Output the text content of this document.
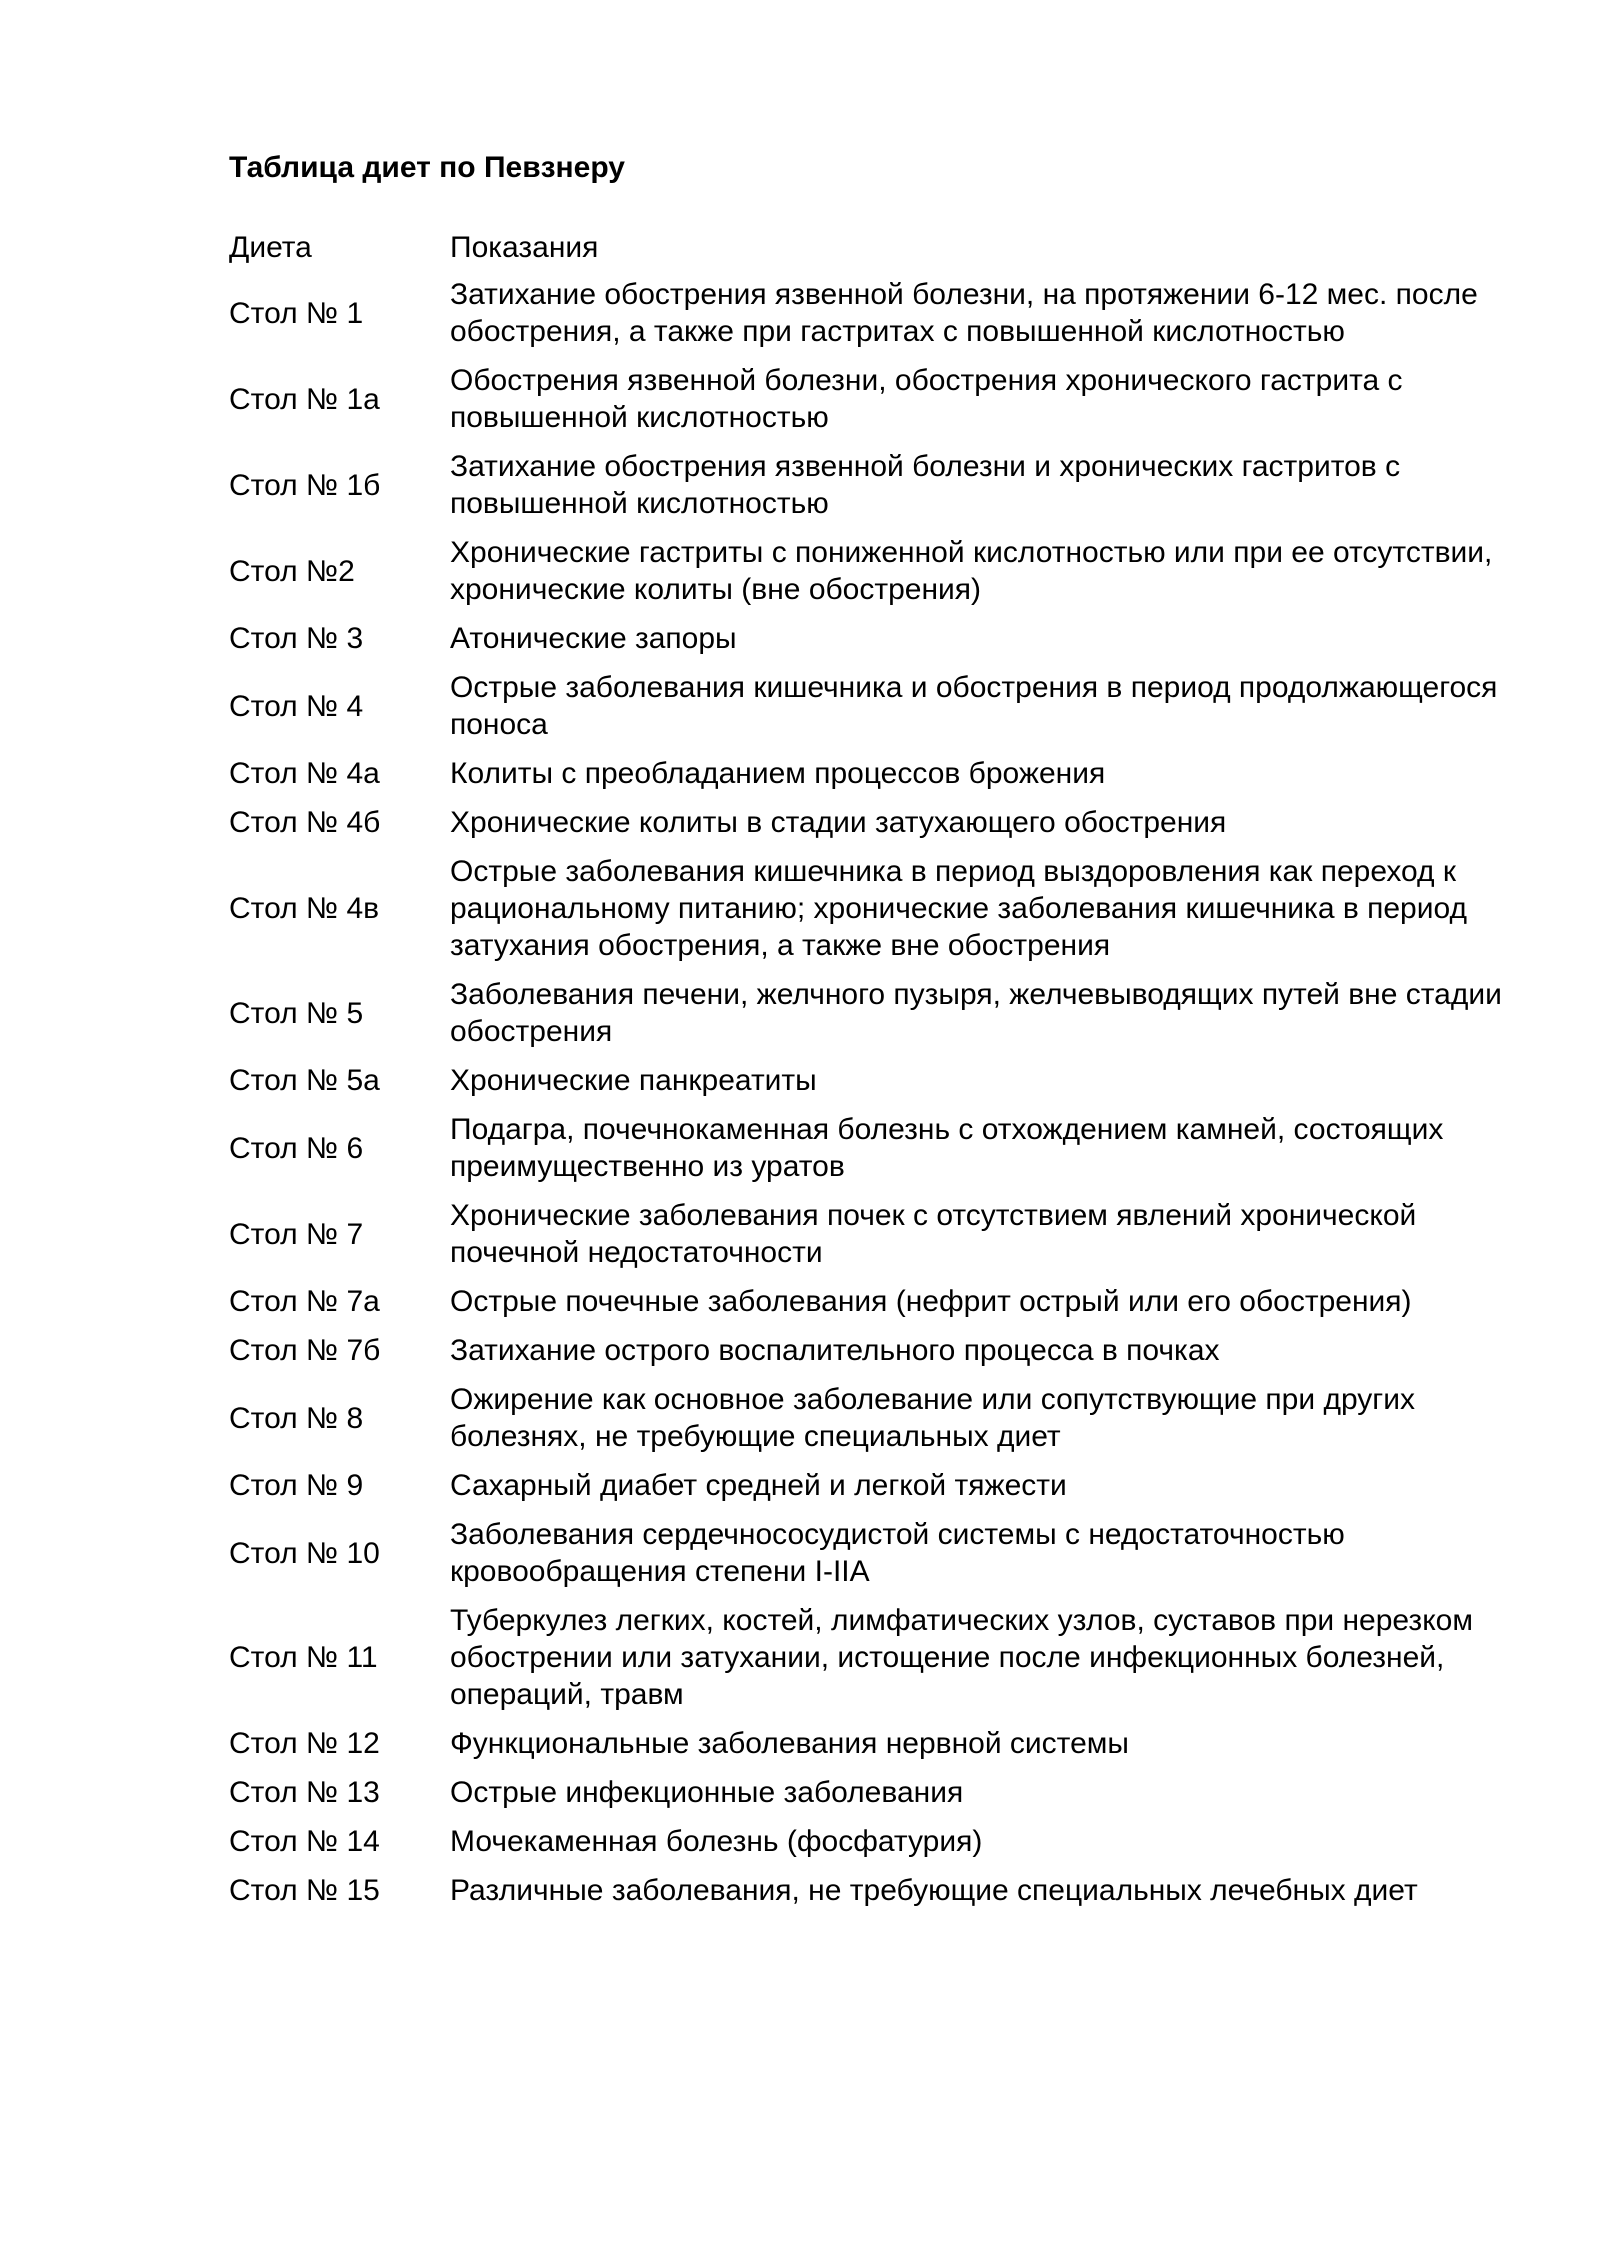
Таблица диет по Певзнеру
Диета	Показания
Стол № 1	Затихание обострения язвенной болезни, на протяжении 6-12 мес. после обострения, а также при гастритах с повышенной кислотностью
Стол № 1а	Обострения язвенной болезни, обострения хронического гастрита с повышенной кислотностью
Стол № 1б	Затихание обострения язвенной болезни и хронических гастритов с повышенной кислотностью
Стол №2	Хронические гастриты с пониженной кислотностью или при ее отсутствии, хронические колиты (вне обострения)
Стол № 3	Атонические запоры
Стол № 4	Острые заболевания кишечника и обострения в период продолжающегося поноса
Стол № 4а	Колиты с преобладанием процессов брожения
Стол № 4б	Хронические колиты в стадии затухающего обострения
Стол № 4в	Острые заболевания кишечника в период выздоровления как переход к рациональному питанию; хронические заболевания кишечника в период затухания обострения, а также вне обострения
Стол № 5	Заболевания печени, желчного пузыря, желчевыводящих путей вне стадии обострения
Стол № 5а	Хронические панкреатиты
Стол № 6	Подагра, почечнокаменная болезнь с отхождением камней, состоящих преимущественно из уратов
Стол № 7	Хронические заболевания почек с отсутствием явлений хронической почечной недостаточности
Стол № 7а	Острые почечные заболевания (нефрит острый или его обострения)
Стол № 7б	Затихание острого воспалительного процесса в почках
Стол № 8	Ожирение как основное заболевание или сопутствующие при других болезнях, не требующие специальных диет
Стол № 9	Сахарный диабет средней и легкой тяжести
Стол № 10	Заболевания сердечнососудистой системы с недостаточностью кровообращения степени I-IIA
Стол № 11	Туберкулез легких, костей, лимфатических узлов, суставов при нерезком обострении или затухании, истощение после инфекционных болезней, операций, травм
Стол № 12	Функциональные заболевания нервной системы
Стол № 13	Острые инфекционные заболевания
Стол № 14	Мочекаменная болезнь (фосфатурия)
Стол № 15	Различные заболевания, не требующие специальных лечебных диет
